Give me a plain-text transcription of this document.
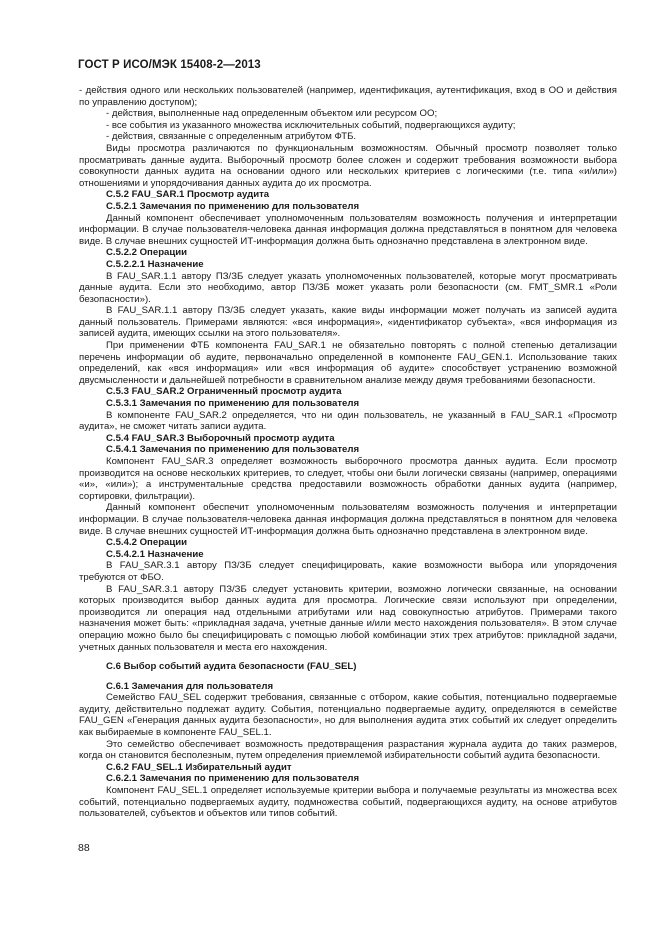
ГОСТ Р ИСО/МЭК 15408-2—2013

- действия одного или нескольких пользователей (например, идентификация, аутентификация, вход в ОО и действия по управлению доступом);

- действия, выполненные над определенным объектом или ресурсом ОО;

- все события из указанного множества исключительных событий, подвергающихся аудиту;

- действия, связанные с определенным атрибутом ФТБ.

Виды просмотра различаются по функциональным возможностям. Обычный просмотр позволяет только просматривать данные аудита. Выборочный просмотр более сложен и содержит требования возможности выбора совокупности данных аудита на основании одного или нескольких критериев с логическими (т.е. типа «и/или») отношениями и упорядочивания данных аудита до их просмотра.

С.5.2 FAU_SAR.1 Просмотр аудита

С.5.2.1 Замечания по применению для пользователя

Данный компонент обеспечивает уполномоченным пользователям возможность получения и интерпретации информации. В случае пользователя-человека данная информация должна представляться в понятном для человека виде. В случае внешних сущностей ИТ-информация должна быть однозначно представлена в электронном виде.

С.5.2.2 Операции

С.5.2.2.1 Назначение

В FAU_SAR.1.1 автору ПЗ/ЗБ следует указать уполномоченных пользователей, которые могут просматривать данные аудита. Если это необходимо, автор ПЗ/ЗБ может указать роли безопасности (см. FMT_SMR.1 «Роли безопасности»).

В FAU_SAR.1.1 автору ПЗ/ЗБ следует указать, какие виды информации может получать из записей аудита данный пользователь. Примерами являются: «вся информация», «идентификатор субъекта», «вся информация из записей аудита, имеющих ссылки на этого пользователя».

При применении ФТБ компонента FAU_SAR.1 не обязательно повторять с полной степенью детализации перечень информации об аудите, первоначально определенной в компоненте FAU_GEN.1. Использование таких определений, как «вся информация» или «вся информация об аудите» способствует устранению возможной двусмысленности и дальнейшей потребности в сравнительном анализе между двумя требованиями безопасности.

С.5.3 FAU_SAR.2 Ограниченный просмотр аудита

С.5.3.1 Замечания по применению для пользователя

В компоненте FAU_SAR.2 определяется, что ни один пользователь, не указанный в FAU_SAR.1 «Просмотр аудита», не сможет читать записи аудита.

С.5.4 FAU_SAR.3 Выборочный просмотр аудита

С.5.4.1 Замечания по применению для пользователя

Компонент FAU_SAR.3 определяет возможность выборочного просмотра данных аудита. Если просмотр производится на основе нескольких критериев, то следует, чтобы они были логически связаны (например, операциями «и», «или»); а инструментальные средства предоставили возможность обработки данных аудита (например, сортировки, фильтрации).

Данный компонент обеспечит уполномоченным пользователям возможность получения и интерпретации информации. В случае пользователя-человека данная информация должна представляться в понятном для человека виде. В случае внешних сущностей ИТ-информация должна быть однозначно представлена в электронном виде.

С.5.4.2 Операции

С.5.4.2.1 Назначение

В FAU_SAR.3.1 автору ПЗ/ЗБ следует специфицировать, какие возможности выбора или упорядочения требуются от ФБО.

В FAU_SAR.3.1 автору ПЗ/ЗБ следует установить критерии, возможно логически связанные, на основании которых производится выбор данных аудита для просмотра. Логические связи используют при определении, производится ли операция над отдельными атрибутами или над совокупностью атрибутов. Примерами такого назначения может быть: «прикладная задача, учетные данные и/или место нахождения пользователя». В этом случае операцию можно было бы специфицировать с помощью любой комбинации этих трех атрибутов: прикладной задачи, учетных данных пользователя и места его нахождения.

С.6 Выбор событий аудита безопасности (FAU_SEL)

С.6.1 Замечания для пользователя

Семейство FAU_SEL содержит требования, связанные с отбором, какие события, потенциально подвергаемые аудиту, действительно подлежат аудиту. События, потенциально подвергаемые аудиту, определяются в семействе FAU_GEN «Генерация данных аудита безопасности», но для выполнения аудита этих событий их следует определить как выбираемые в компоненте FAU_SEL.1.

Это семейство обеспечивает возможность предотвращения разрастания журнала аудита до таких размеров, когда он становится бесполезным, путем определения приемлемой избирательности событий аудита безопасности.

С.6.2 FAU_SEL.1 Избирательный аудит

С.6.2.1 Замечания по применению для пользователя

Компонент FAU_SEL.1 определяет используемые критерии выбора и получаемые результаты из множества всех событий, потенциально подвергаемых аудиту, подмножества событий, подвергающихся аудиту, на основе атрибутов пользователей, субъектов и объектов или типов событий.

88
